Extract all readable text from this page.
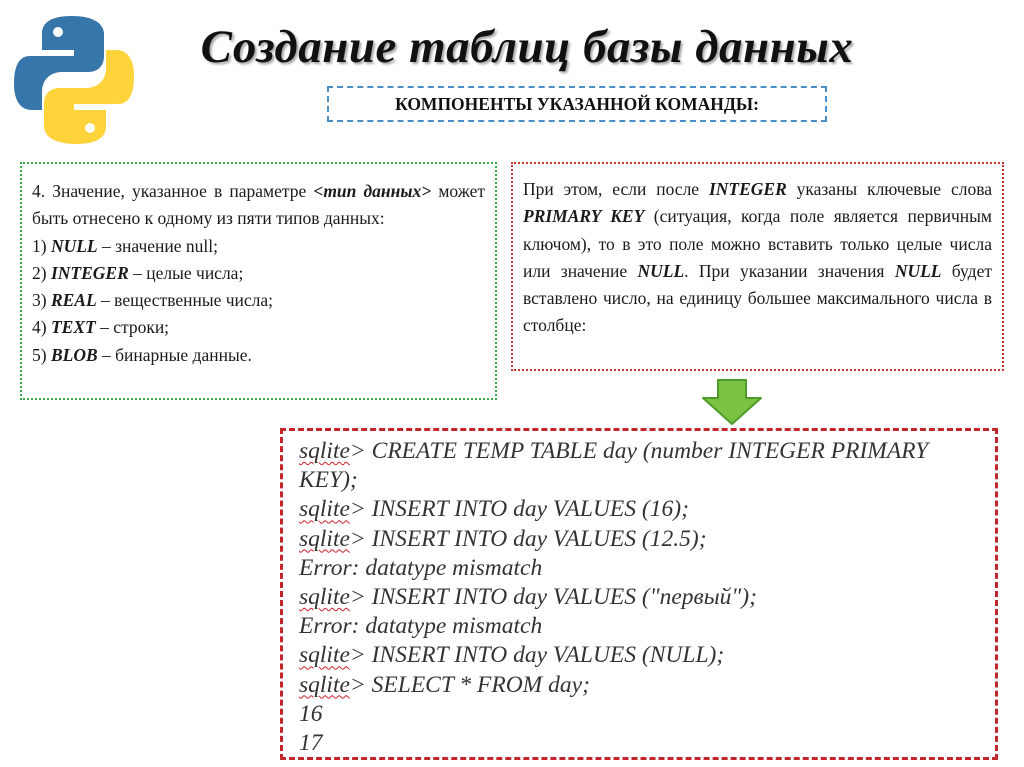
Создание таблиц базы данных
КОМПОНЕНТЫ УКАЗАННОЙ КОМАНДЫ:
4. Значение, указанное в параметре <тип данных> может быть отнесено к одному из пяти типов данных:
1) NULL – значение null;
2) INTEGER – целые числа;
3) REAL – вещественные числа;
4) TEXT – строки;
5) BLOB – бинарные данные.
При этом, если после INTEGER указаны ключевые слова PRIMARY KEY (ситуация, когда поле является первичным ключом), то в это поле можно вставить только целые числа или значение NULL. При указании значения NULL будет вставлено число, на единицу большее максимального числа в столбце:
sqlite> CREATE TEMP TABLE day (number INTEGER PRIMARY
KEY);
sqlite> INSERT INTO day VALUES (16);
sqlite> INSERT INTO day VALUES (12.5);
Error: datatype mismatch
sqlite> INSERT INTO day VALUES ("первый");
Error: datatype mismatch
sqlite> INSERT INTO day VALUES (NULL);
sqlite> SELECT * FROM day;
16
17
